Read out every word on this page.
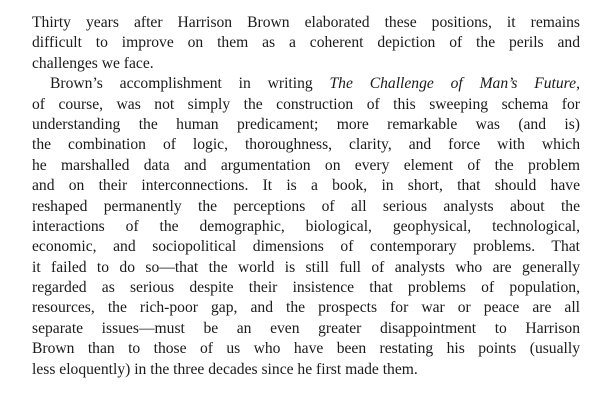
Thirty years after Harrison Brown elaborated these positions, it remains
difficult to improve on them as a coherent depiction of the perils and
challenges we face.
Brown’s accomplishment in writing The Challenge of Man’s Future,
of course, was not simply the construction of this sweeping schema for
understanding the human predicament; more remarkable was (and is)
the combination of logic, thoroughness, clarity, and force with which
he marshalled data and argumentation on every element of the problem
and on their interconnections. It is a book, in short, that should have
reshaped permanently the perceptions of all serious analysts about the
interactions of the demographic, biological, geophysical, technological,
economic, and sociopolitical dimensions of contemporary problems. That
it failed to do so—that the world is still full of analysts who are generally
regarded as serious despite their insistence that problems of population,
resources, the rich-poor gap, and the prospects for war or peace are all
separate issues—must be an even greater disappointment to Harrison
Brown than to those of us who have been restating his points (usually
less eloquently) in the three decades since he first made them.
